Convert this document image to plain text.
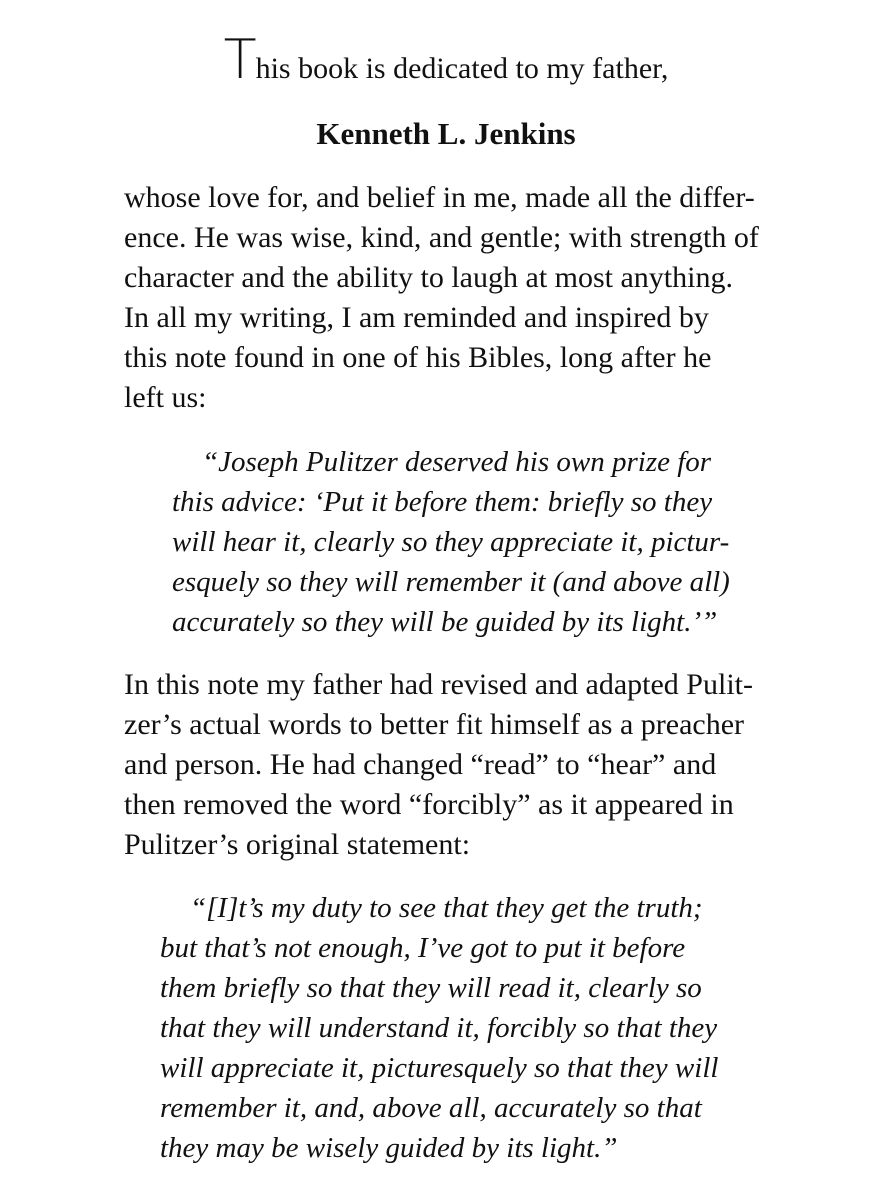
This book is dedicated to my father,
Kenneth L. Jenkins

whose love for, and belief in me, made all the differ-
ence. He was wise, kind, and gentle; with strength of
character and the ability to laugh at most anything.
In all my writing, I am reminded and inspired by
this note found in one of his Bibles, long after he
left us:

“Joseph Pulitzer deserved his own prize for
this advice: ‘Put it before them: briefly so they
will hear it, clearly so they appreciate it, pictur-
esquely so they will remember it (and above all)
accurately so they will be guided by its light.’”

In this note my father had revised and adapted Pulit-
zer’s actual words to better fit himself as a preacher
and person. He had changed “read” to “hear” and
then removed the word “forcibly” as it appeared in
Pulitzer’s original statement:

“[I]t’s my duty to see that they get the truth;
but that’s not enough, I’ve got to put it before
them briefly so that they will read it, clearly so
that they will understand it, forcibly so that they
will appreciate it, picturesquely so that they will
remember it, and, above all, accurately so that
they may be wisely guided by its light.”
